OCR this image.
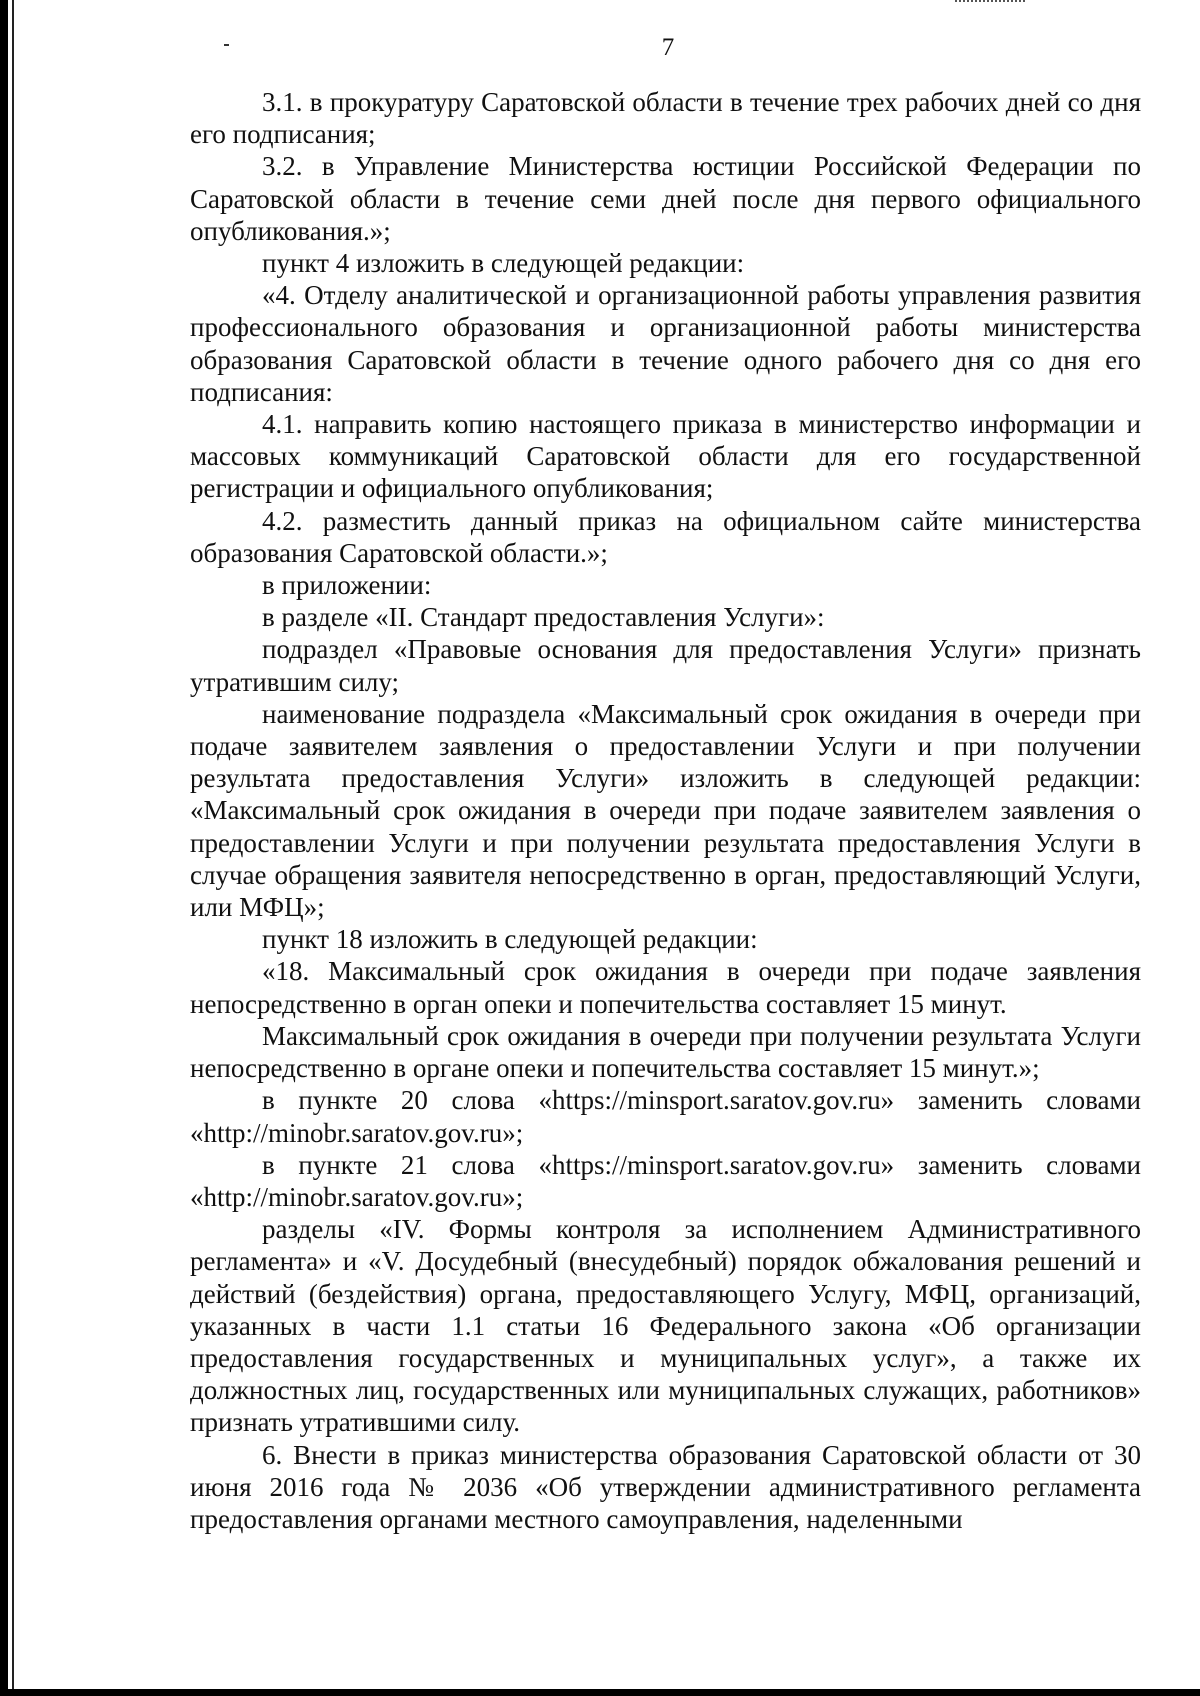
7

3.1. в прокуратуру Саратовской области в течение трех рабочих дней со дня его подписания;

3.2. в Управление Министерства юстиции Российской Федерации по Саратовской области в течение семи дней после дня первого официального опубликования.»;

пункт 4 изложить в следующей редакции:

«4. Отделу аналитической и организационной работы управления развития профессионального образования и организационной работы министерства образования Саратовской области в течение одного рабочего дня со дня его подписания:

4.1. направить копию настоящего приказа в министерство информации и массовых коммуникаций Саратовской области для его государственной регистрации и официального опубликования;

4.2. разместить данный приказ на официальном сайте министерства образования Саратовской области.»;

в приложении:

в разделе «II. Стандарт предоставления Услуги»:

подраздел «Правовые основания для предоставления Услуги» признать утратившим силу;

наименование подраздела «Максимальный срок ожидания в очереди при подаче заявителем заявления о предоставлении Услуги и при получении результата предоставления Услуги» изложить в следующей редакции: «Максимальный срок ожидания в очереди при подаче заявителем заявления о предоставлении Услуги и при получении результата предоставления Услуги в случае обращения заявителя непосредственно в орган, предоставляющий Услуги, или МФЦ»;

пункт 18 изложить в следующей редакции:

«18. Максимальный срок ожидания в очереди при подаче заявления непосредственно в орган опеки и попечительства составляет 15 минут.

Максимальный срок ожидания в очереди при получении результата Услуги непосредственно в органе опеки и попечительства составляет 15 минут.»;

в пункте 20 слова «https://minsport.saratov.gov.ru» заменить словами «http://minobr.saratov.gov.ru»;

в пункте 21 слова «https://minsport.saratov.gov.ru» заменить словами «http://minobr.saratov.gov.ru»;

разделы «IV. Формы контроля за исполнением Административного регламента» и «V. Досудебный (внесудебный) порядок обжалования решений и действий (бездействия) органа, предоставляющего Услугу, МФЦ, организаций, указанных в части 1.1 статьи 16 Федерального закона «Об организации предоставления государственных и муниципальных услуг», а также их должностных лиц, государственных или муниципальных служащих, работников» признать утратившими силу.

6. Внести в приказ министерства образования Саратовской области от 30 июня 2016 года № 2036 «Об утверждении административного регламента предоставления органами местного самоуправления, наделенными
